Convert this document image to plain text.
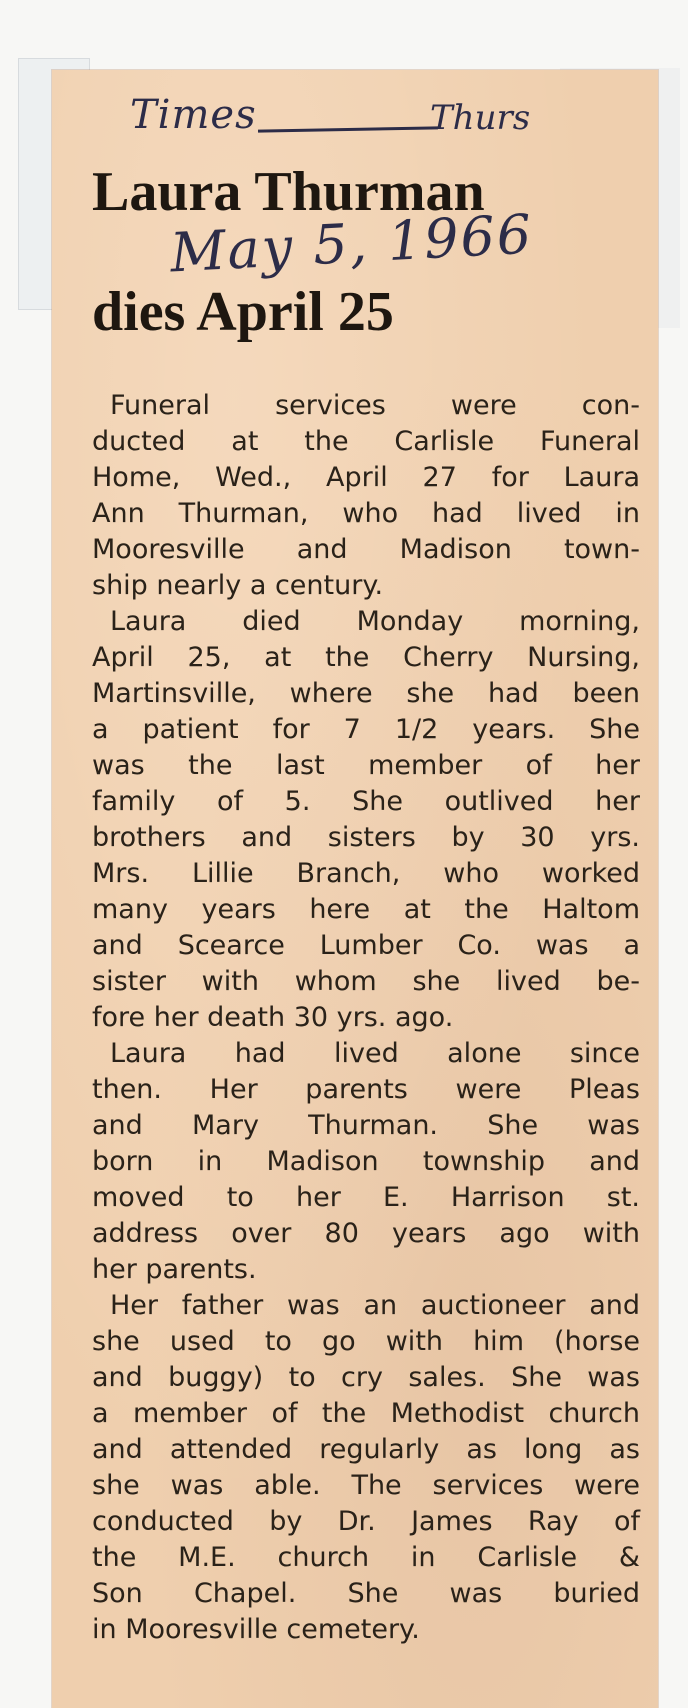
Times	Thurs
Laura Thurman
May 5, 1966
dies April 25
Funeral services were con-
ducted at the Carlisle Funeral
Home, Wed., April 27 for Laura
Ann Thurman, who had lived in
Mooresville and Madison town-
ship nearly a century.
Laura died Monday morning,
April 25, at the Cherry Nursing,
Martinsville, where she had been
a patient for 7 1/2 years. She
was the last member of her
family of 5. She outlived her
brothers and sisters by 30 yrs.
Mrs. Lillie Branch, who worked
many years here at the Haltom
and Scearce Lumber Co. was a
sister with whom she lived be-
fore her death 30 yrs. ago.
Laura had lived alone since
then. Her parents were Pleas
and Mary Thurman. She was
born in Madison township and
moved to her E. Harrison st.
address over 80 years ago with
her parents.
Her father was an auctioneer and
she used to go with him (horse
and buggy) to cry sales. She was
a member of the Methodist church
and attended regularly as long as
she was able. The services were
conducted by Dr. James Ray of
the M.E. church in Carlisle &
Son Chapel. She was buried
in Mooresville cemetery.
